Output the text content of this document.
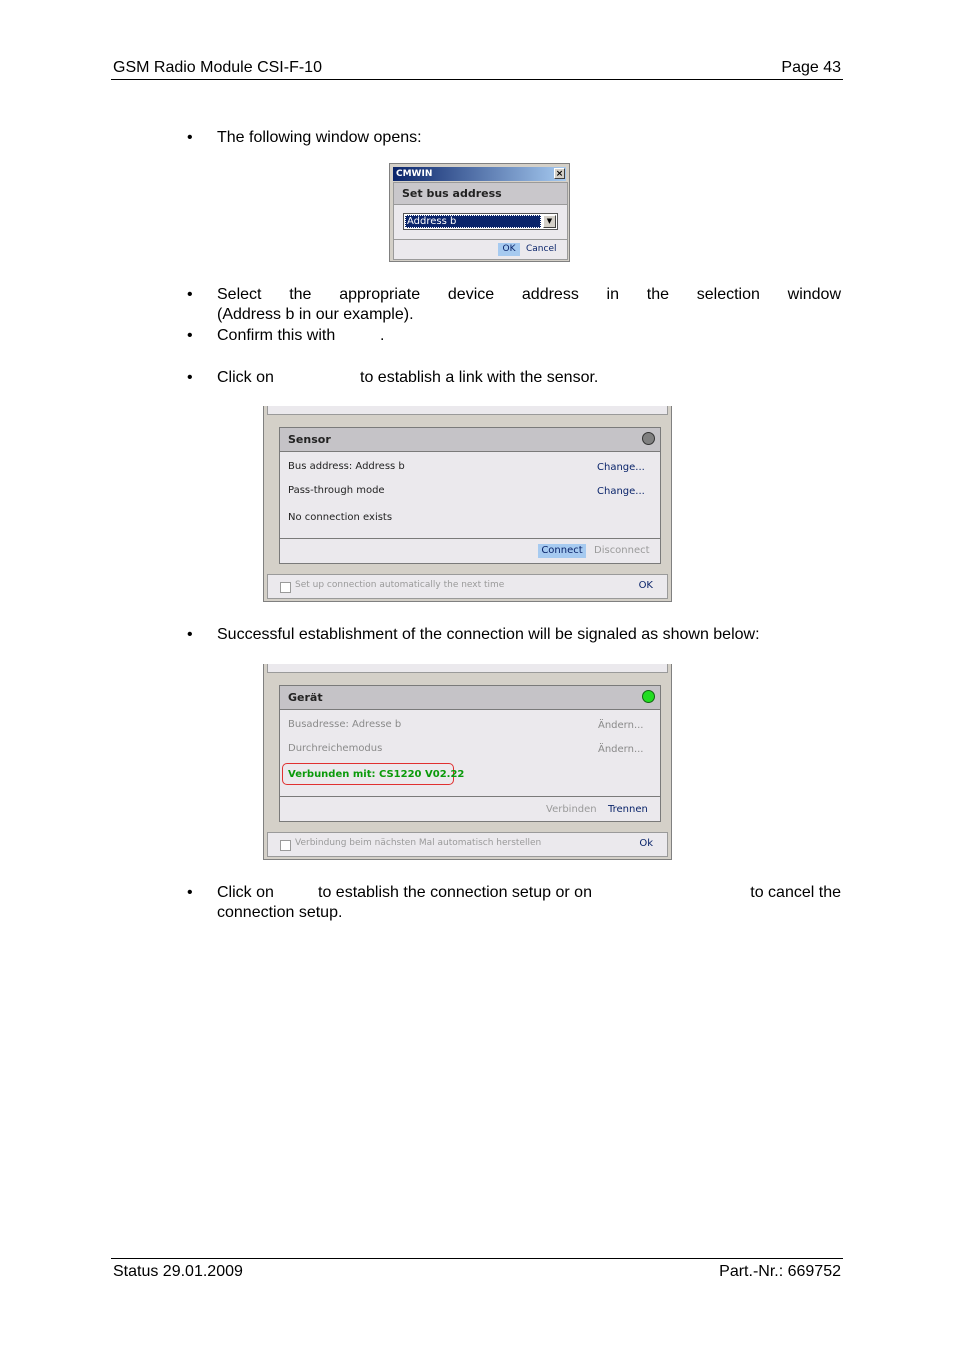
GSM Radio Module CSI-F-10	Page 43
• The following window opens:
CMWIN	×
Set bus address
Address b	▼
OK	Cancel
• Select the appropriate device address in the selection window
(Address b in our example).
• Confirm this with	.
• Click on	to establish a link with the sensor.
Sensor
Bus address: Address b	Change...
Pass-through mode	Change...
No connection exists
Connect	Disconnect
Set up connection automatically the next time	OK
• Successful establishment of the connection will be signaled as shown below:
Gerät
Busadresse: Adresse b	Ändern...
Durchreichemodus	Ändern...
Verbunden mit: CS1220 V02.22
Verbinden Trennen
Verbindung beim nächsten Mal automatisch herstellen	Ok
• Click on	to establish the connection setup or on	to cancel the
connection setup.
Status 29.01.2009	Part.-Nr.: 669752
